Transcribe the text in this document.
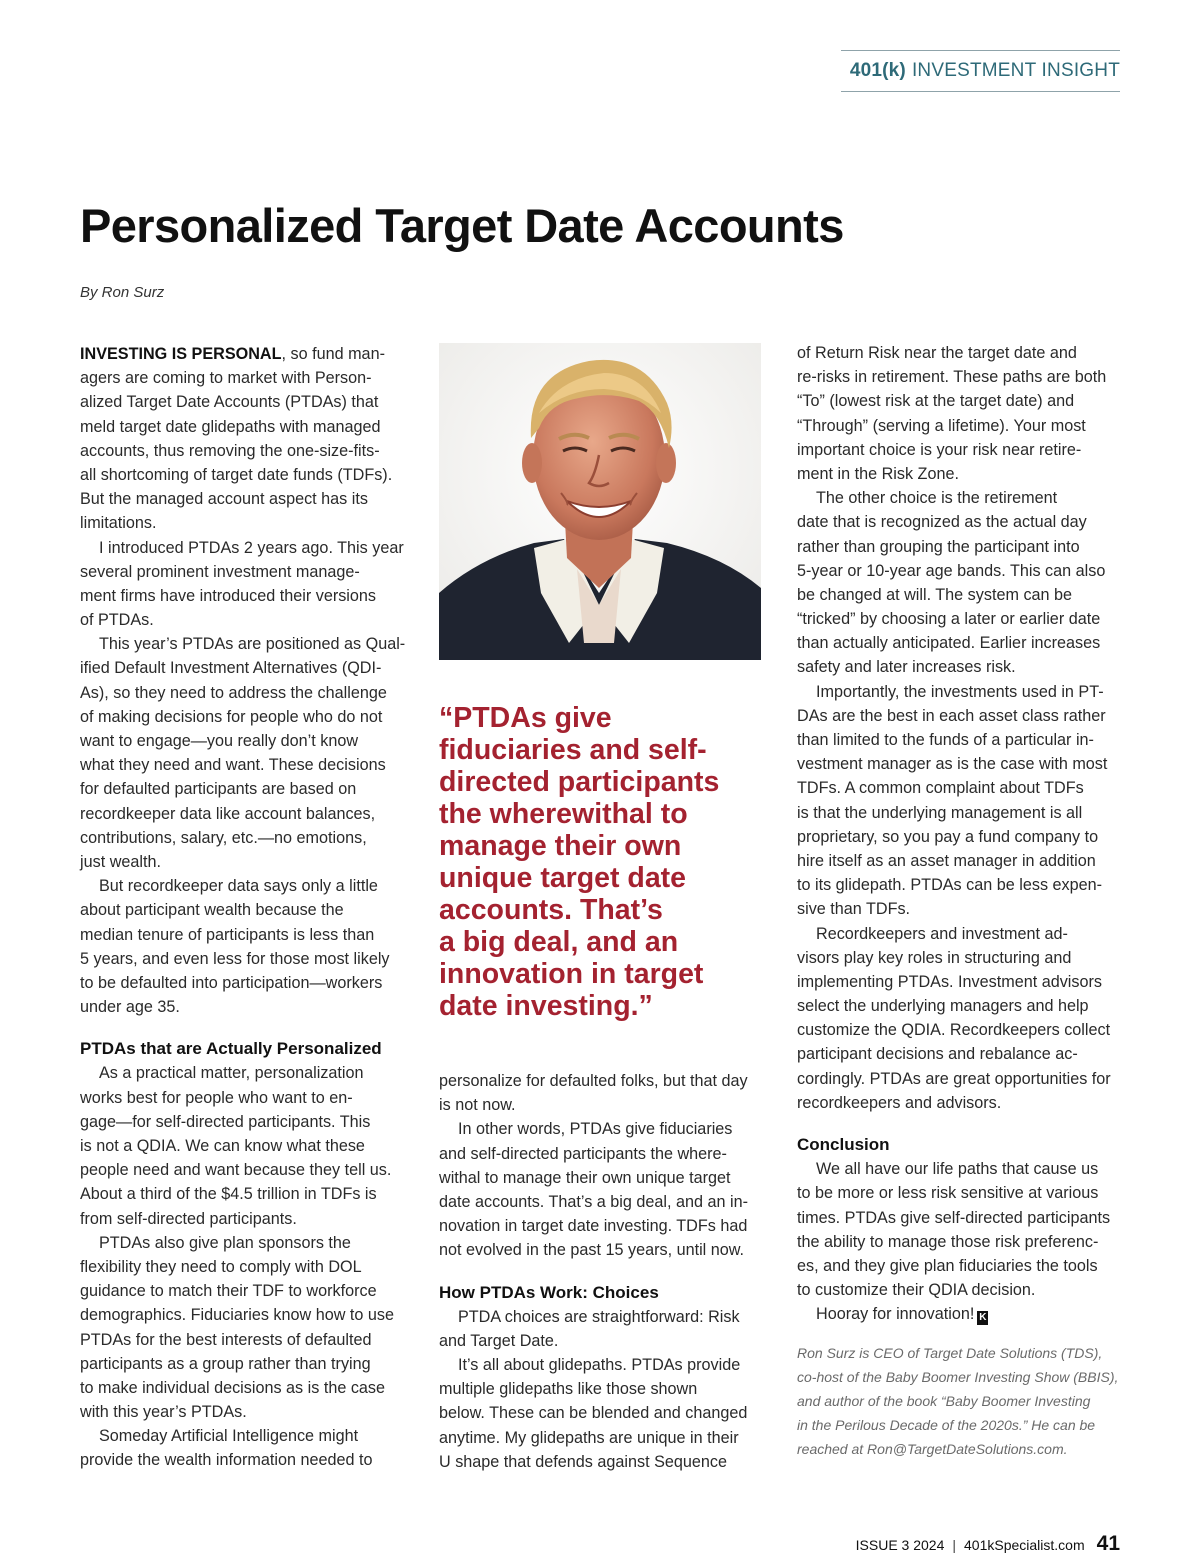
401(k) INVESTMENT INSIGHT
Personalized Target Date Accounts
By Ron Surz
INVESTING IS PERSONAL, so fund man-
agers are coming to market with Person-
alized Target Date Accounts (PTDAs) that
meld target date glidepaths with managed
accounts, thus removing the one-size-fits-
all shortcoming of target date funds (TDFs).
But the managed account aspect has its
limitations.
I introduced PTDAs 2 years ago. This year
several prominent investment manage-
ment firms have introduced their versions
of PTDAs.
This year’s PTDAs are positioned as Qual-
ified Default Investment Alternatives (QDI-
As), so they need to address the challenge
of making decisions for people who do not
want to engage—you really don’t know
what they need and want. These decisions
for defaulted participants are based on
recordkeeper data like account balances,
contributions, salary, etc.—no emotions,
just wealth.
But recordkeeper data says only a little
about participant wealth because the
median tenure of participants is less than
5 years, and even less for those most likely
to be defaulted into participation—workers
under age 35.
PTDAs that are Actually Personalized
As a practical matter, personalization
works best for people who want to en-
gage—for self-directed participants. This
is not a QDIA. We can know what these
people need and want because they tell us.
About a third of the $4.5 trillion in TDFs is
from self-directed participants.
PTDAs also give plan sponsors the
flexibility they need to comply with DOL
guidance to match their TDF to workforce
demographics. Fiduciaries know how to use
PTDAs for the best interests of defaulted
participants as a group rather than trying
to make individual decisions as is the case
with this year’s PTDAs.
Someday Artificial Intelligence might
provide the wealth information needed to
“PTDAs give
fiduciaries and self-
directed participants
the wherewithal to
manage their own
unique target date
accounts. That’s
a big deal, and an
innovation in target
date investing.”
personalize for defaulted folks, but that day
is not now.
In other words, PTDAs give fiduciaries
and self-directed participants the where-
withal to manage their own unique target
date accounts. That’s a big deal, and an in-
novation in target date investing. TDFs had
not evolved in the past 15 years, until now.
How PTDAs Work: Choices
PTDA choices are straightforward: Risk
and Target Date.
It’s all about glidepaths. PTDAs provide
multiple glidepaths like those shown
below. These can be blended and changed
anytime. My glidepaths are unique in their
U shape that defends against Sequence
of Return Risk near the target date and
re-risks in retirement. These paths are both
“To” (lowest risk at the target date) and
“Through” (serving a lifetime). Your most
important choice is your risk near retire-
ment in the Risk Zone.
The other choice is the retirement
date that is recognized as the actual day
rather than grouping the participant into
5-year or 10-year age bands. This can also
be changed at will. The system can be
“tricked” by choosing a later or earlier date
than actually anticipated. Earlier increases
safety and later increases risk.
Importantly, the investments used in PT-
DAs are the best in each asset class rather
than limited to the funds of a particular in-
vestment manager as is the case with most
TDFs. A common complaint about TDFs
is that the underlying management is all
proprietary, so you pay a fund company to
hire itself as an asset manager in addition
to its glidepath. PTDAs can be less expen-
sive than TDFs.
Recordkeepers and investment ad-
visors play key roles in structuring and
implementing PTDAs. Investment advisors
select the underlying managers and help
customize the QDIA. Recordkeepers collect
participant decisions and rebalance ac-
cordingly. PTDAs are great opportunities for
recordkeepers and advisors.
Conclusion
We all have our life paths that cause us
to be more or less risk sensitive at various
times. PTDAs give self-directed participants
the ability to manage those risk preferenc-
es, and they give plan fiduciaries the tools
to customize their QDIA decision.
Hooray for innovation! K
Ron Surz is CEO of Target Date Solutions (TDS),
co-host of the Baby Boomer Investing Show (BBIS),
and author of the book “Baby Boomer Investing
in the Perilous Decade of the 2020s.” He can be
reached at Ron@TargetDateSolutions.com.
ISSUE 3 2024 | 401kSpecialist.com 41
